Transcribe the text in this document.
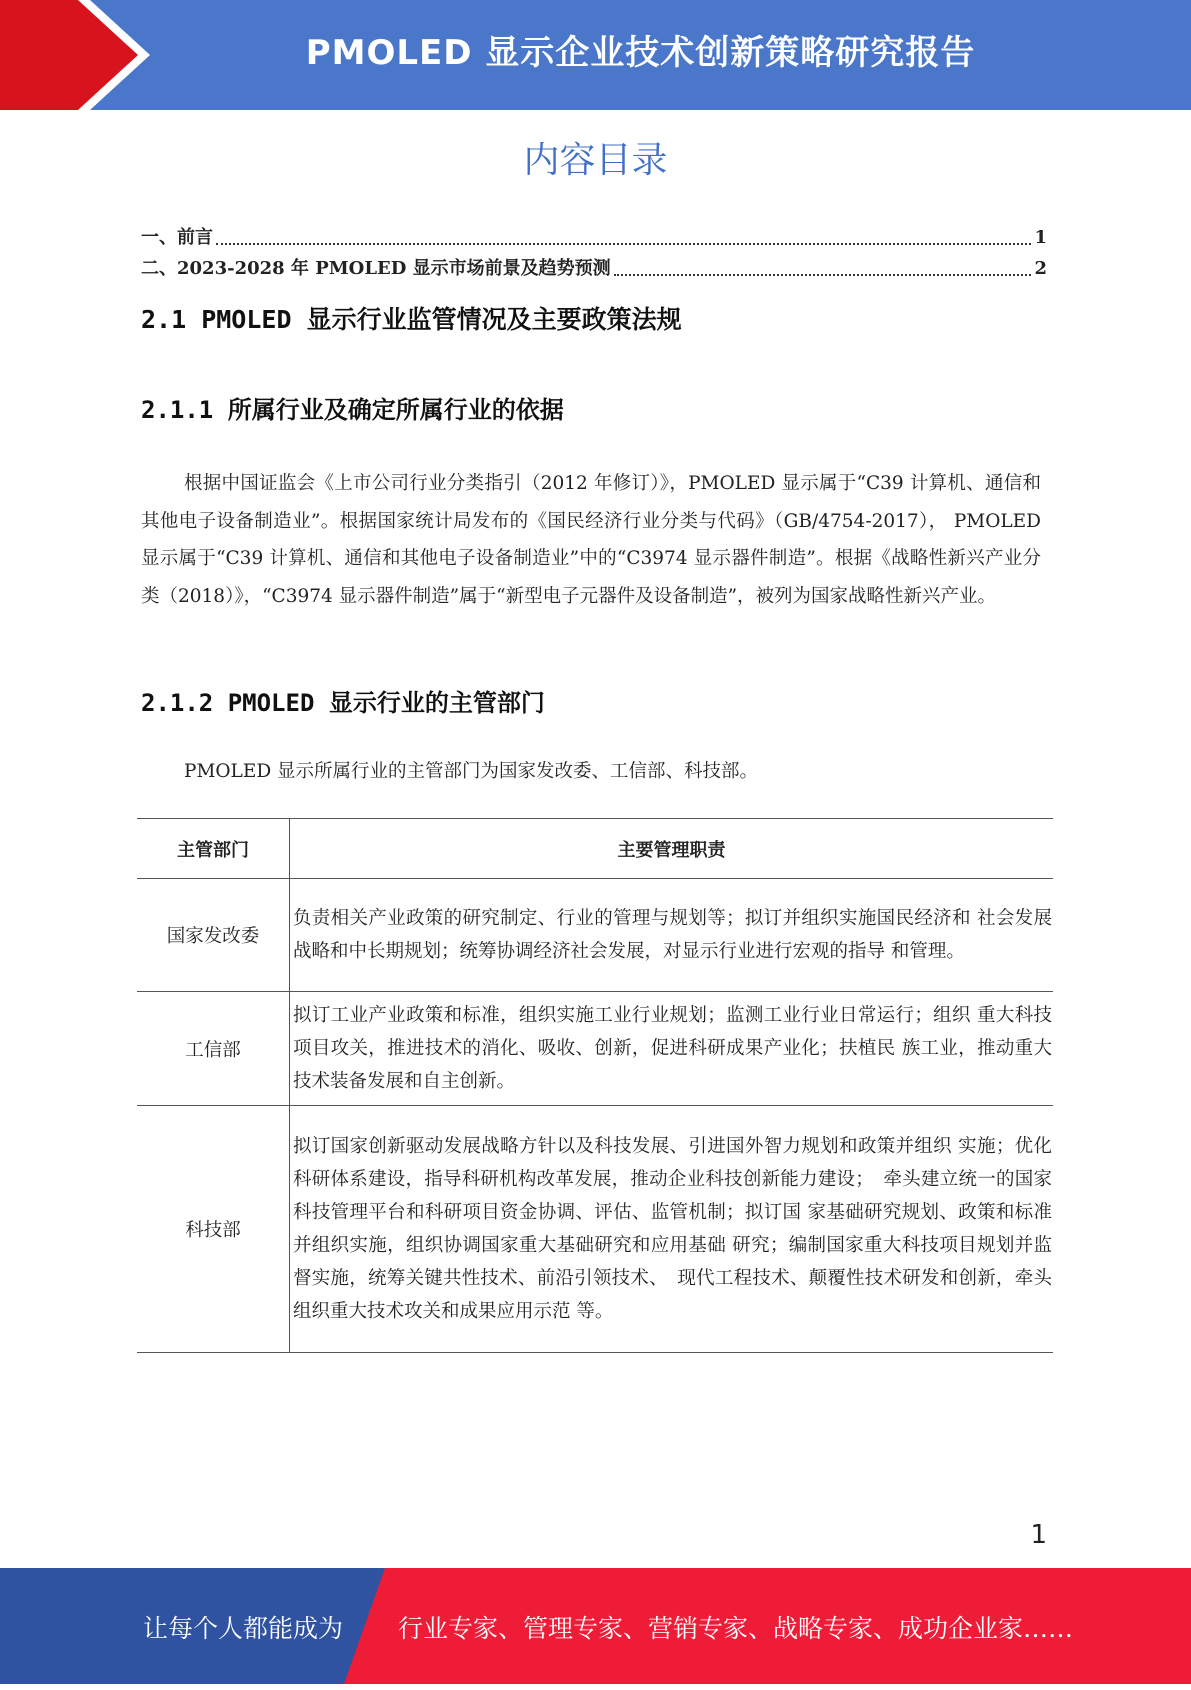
PMOLED 显示企业技术创新策略研究报告
内容目录
一、前言	1
二、2023-2028 年 PMOLED 显示市场前景及趋势预测	2
2.1 PMOLED 显示行业监管情况及主要政策法规
2.1.1 所属行业及确定所属行业的依据
根据中国证监会《上市公司行业分类指引（2012 年修订）》，PMOLED 显示属于“C39 计算机、通信和其他电子设备制造业”。根据国家统计局发布的《国民经济行业分类与代码》（GB/4754-2017）， PMOLED 显示属于“C39 计算机、通信和其他电子设备制造业”中的“C3974 显示器件制造”。根据《战略性新兴产业分类（2018）》，“C3974 显示器件制造”属于“新型电子元器件及设备制造”，被列为国家战略性新兴产业。
2.1.2 PMOLED 显示行业的主管部门
PMOLED 显示所属行业的主管部门为国家发改委、工信部、科技部。
主管部门	主要管理职责
国家发改委	负责相关产业政策的研究制定、行业的管理与规划等；拟订并组织实施国民经济和 社会发展战略和中长期规划；统筹协调经济社会发展，对显示行业进行宏观的指导 和管理。
工信部	拟订工业产业政策和标准，组织实施工业行业规划；监测工业行业日常运行；组织 重大科技项目攻关，推进技术的消化、吸收、创新，促进科研成果产业化；扶植民 族工业，推动重大技术装备发展和自主创新。
科技部	拟订国家创新驱动发展战略方针以及科技发展、引进国外智力规划和政策并组织 实施；优化科研体系建设，指导科研机构改革发展，推动企业科技创新能力建设；　牵头建立统一的国家科技管理平台和科研项目资金协调、评估、监管机制；拟订国 家基础研究规划、政策和标准并组织实施，组织协调国家重大基础研究和应用基础 研究；编制国家重大科技项目规划并监督实施，统筹关键共性技术、前沿引领技术、　现代工程技术、颠覆性技术研发和创新，牵头组织重大技术攻关和成果应用示范 等。
1
让每个人都能成为 行业专家、管理专家、营销专家、战略专家、成功企业家……
